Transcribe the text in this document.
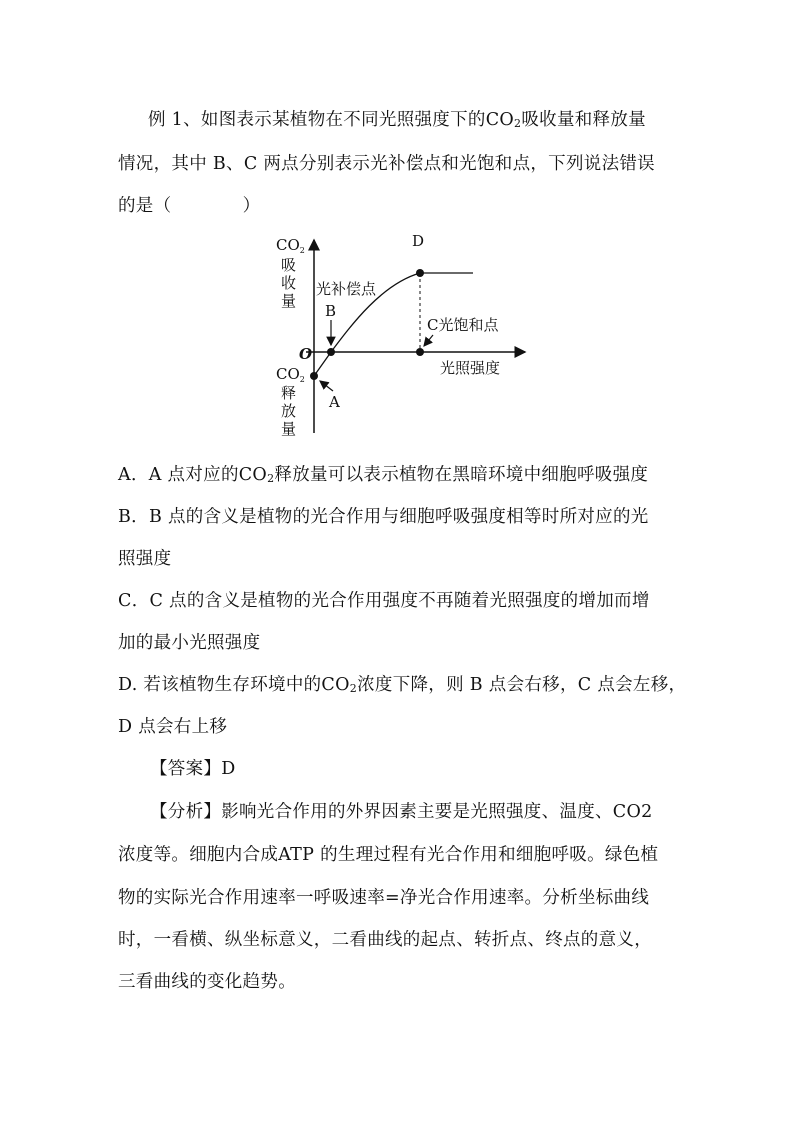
例 1、如图表示某植物在不同光照强度下的$CO_2$吸收量和释放量
情况，其中 B、C 两点分别表示光补偿点和光饱和点，下列说法错误
的是（　　　　）
$CO_2$
吸
收
量
$CO_2$
释
放
量
O
光照强度
D
B
光补偿点
C光饱和点
A
A．A 点对应的$CO_2$释放量可以表示植物在黑暗环境中细胞呼吸强度
B．B 点的含义是植物的光合作用与细胞呼吸强度相等时所对应的光
照强度
C．C 点的含义是植物的光合作用强度不再随着光照强度的增加而增
加的最小光照强度
D. 若该植物生存环境中的$CO_2$浓度下降，则 B 点会右移，C 点会左移，
D 点会右上移
【答案】D
【分析】影响光合作用的外界因素主要是光照强度、温度、CO2
浓度等。细胞内合成ATP 的生理过程有光合作用和细胞呼吸。绿色植
物的实际光合作用速率一呼吸速率=净光合作用速率。分析坐标曲线
时，一看横、纵坐标意义，二看曲线的起点、转折点、终点的意义，
三看曲线的变化趋势。
